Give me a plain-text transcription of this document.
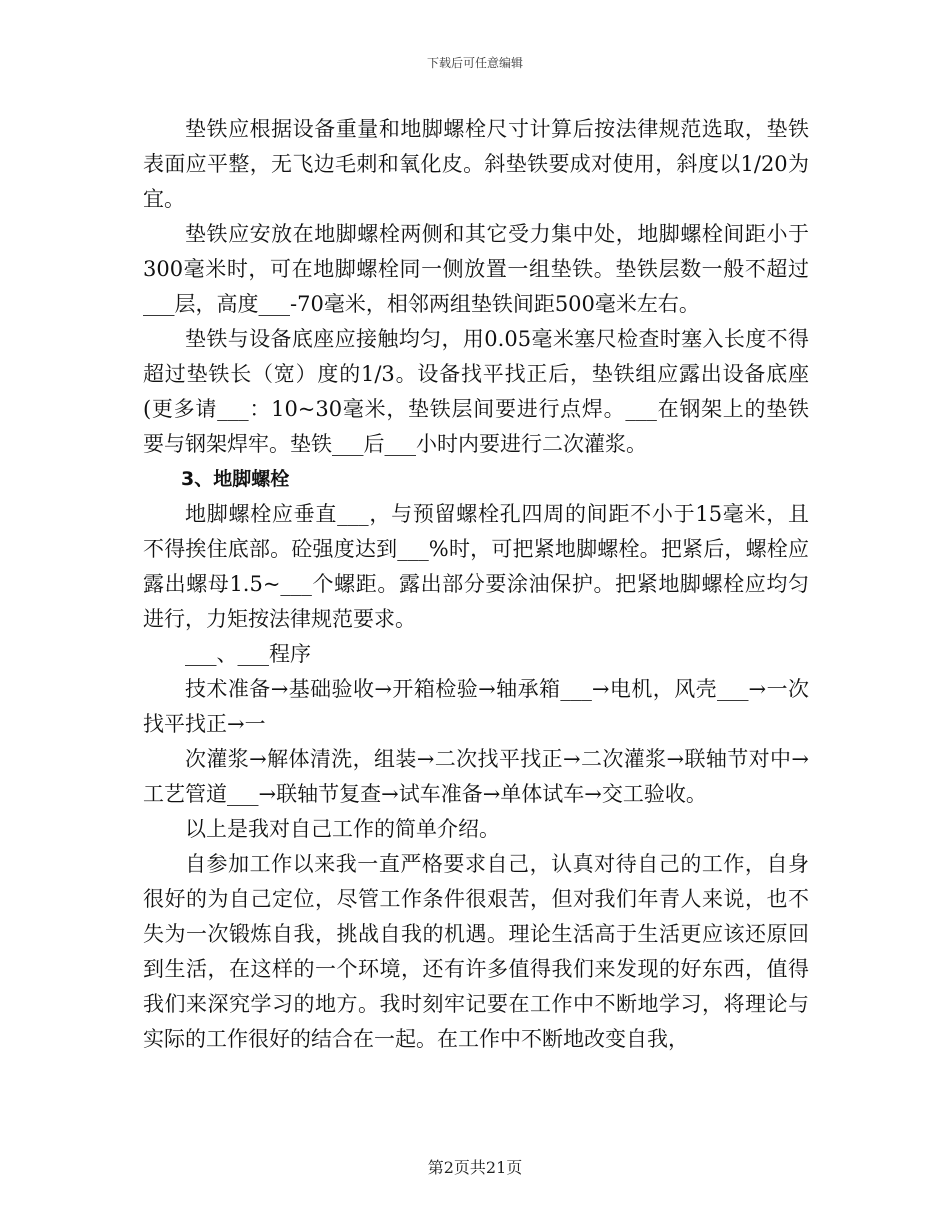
下载后可任意编辑

垫铁应根据设备重量和地脚螺栓尺寸计算后按法律规范选取，垫铁表面应平整，无飞边毛刺和氧化皮。斜垫铁要成对使用，斜度以1/20为宜。

垫铁应安放在地脚螺栓两侧和其它受力集中处，地脚螺栓间距小于300毫米时，可在地脚螺栓同一侧放置一组垫铁。垫铁层数一般不超过___层，高度___-70毫米，相邻两组垫铁间距500毫米左右。

垫铁与设备底座应接触均匀，用0.05毫米塞尺检查时塞入长度不得超过垫铁长（宽）度的1/3。设备找平找正后，垫铁组应露出设备底座(更多请___：10~30毫米，垫铁层间要进行点焊。___在钢架上的垫铁要与钢架焊牢。垫铁___后___小时内要进行二次灌浆。

3、地脚螺栓

地脚螺栓应垂直___，与预留螺栓孔四周的间距不小于15毫米，且不得挨住底部。砼强度达到___%时，可把紧地脚螺栓。把紧后，螺栓应露出螺母1.5~___个螺距。露出部分要涂油保护。把紧地脚螺栓应均匀进行，力矩按法律规范要求。

___、___程序

技术准备→基础验收→开箱检验→轴承箱___→电机，风壳___→一次找平找正→一

次灌浆→解体清洗，组装→二次找平找正→二次灌浆→联轴节对中→工艺管道___→联轴节复查→试车准备→单体试车→交工验收。

以上是我对自己工作的简单介绍。

自参加工作以来我一直严格要求自己，认真对待自己的工作，自身很好的为自己定位，尽管工作条件很艰苦，但对我们年青人来说，也不失为一次锻炼自我，挑战自我的机遇。理论生活高于生活更应该还原回到生活，在这样的一个环境，还有许多值得我们来发现的好东西，值得我们来深究学习的地方。我时刻牢记要在工作中不断地学习，将理论与实际的工作很好的结合在一起。在工作中不断地改变自我，

第2页共21页
